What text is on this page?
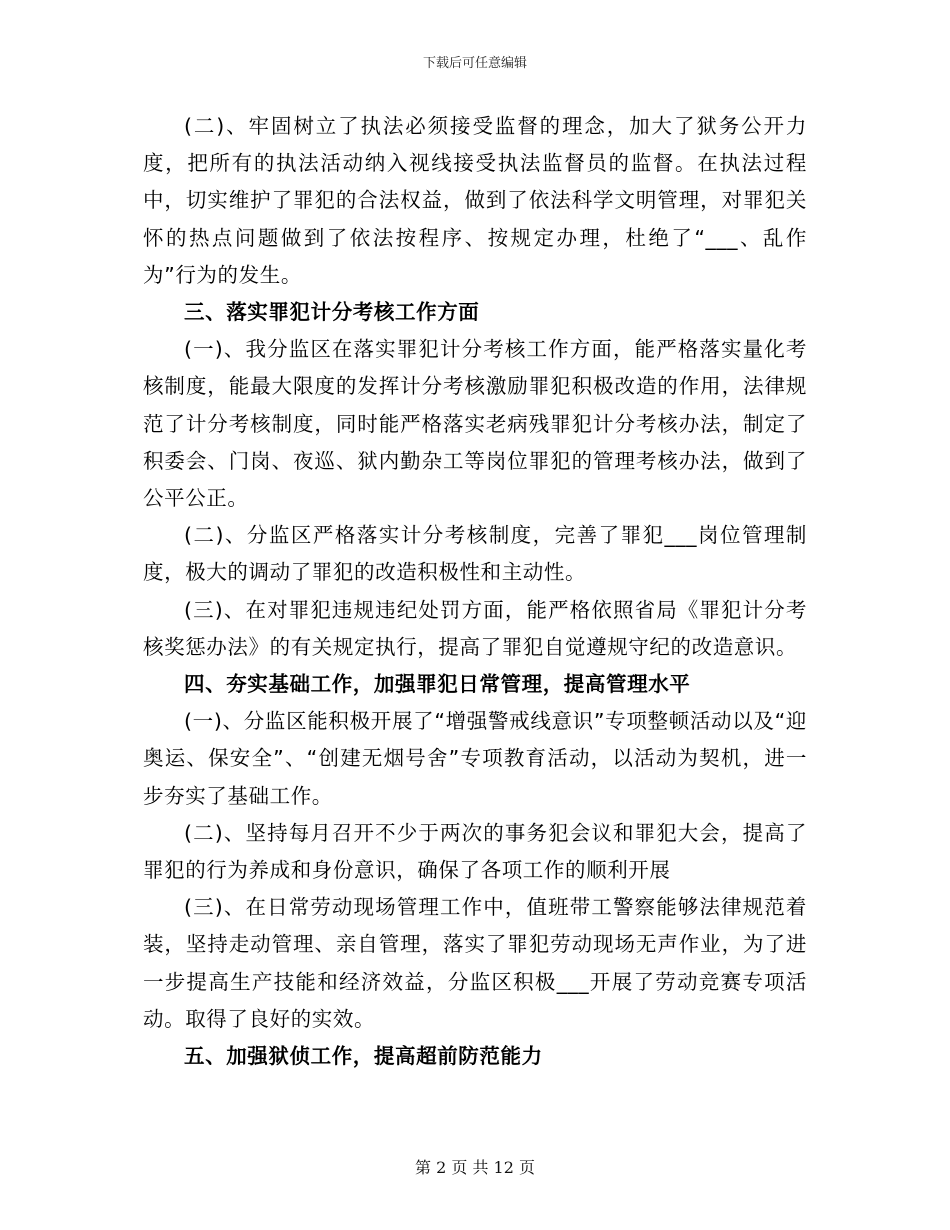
下载后可任意编辑

(二)、牢固树立了执法必须接受监督的理念，加大了狱务公开力度，把所有的执法活动纳入视线接受执法监督员的监督。在执法过程中，切实维护了罪犯的合法权益，做到了依法科学文明管理，对罪犯关怀的热点问题做到了依法按程序、按规定办理，杜绝了“___、乱作为”行为的发生。

三、落实罪犯计分考核工作方面

(一)、我分监区在落实罪犯计分考核工作方面，能严格落实量化考核制度，能最大限度的发挥计分考核激励罪犯积极改造的作用，法律规范了计分考核制度，同时能严格落实老病残罪犯计分考核办法，制定了积委会、门岗、夜巡、狱内勤杂工等岗位罪犯的管理考核办法，做到了公平公正。

(二)、分监区严格落实计分考核制度，完善了罪犯___岗位管理制度，极大的调动了罪犯的改造积极性和主动性。

(三)、在对罪犯违规违纪处罚方面，能严格依照省局《罪犯计分考核奖惩办法》的有关规定执行，提高了罪犯自觉遵规守纪的改造意识。

四、夯实基础工作，加强罪犯日常管理，提高管理水平

(一)、分监区能积极开展了“增强警戒线意识”专项整顿活动以及“迎奥运、保安全”、“创建无烟号舍”专项教育活动，以活动为契机，进一步夯实了基础工作。

(二)、坚持每月召开不少于两次的事务犯会议和罪犯大会，提高了罪犯的行为养成和身份意识，确保了各项工作的顺利开展

(三)、在日常劳动现场管理工作中，值班带工警察能够法律规范着装，坚持走动管理、亲自管理，落实了罪犯劳动现场无声作业，为了进一步提高生产技能和经济效益，分监区积极___开展了劳动竞赛专项活动。取得了良好的实效。

五、加强狱侦工作，提高超前防范能力

第 2 页 共 12 页
